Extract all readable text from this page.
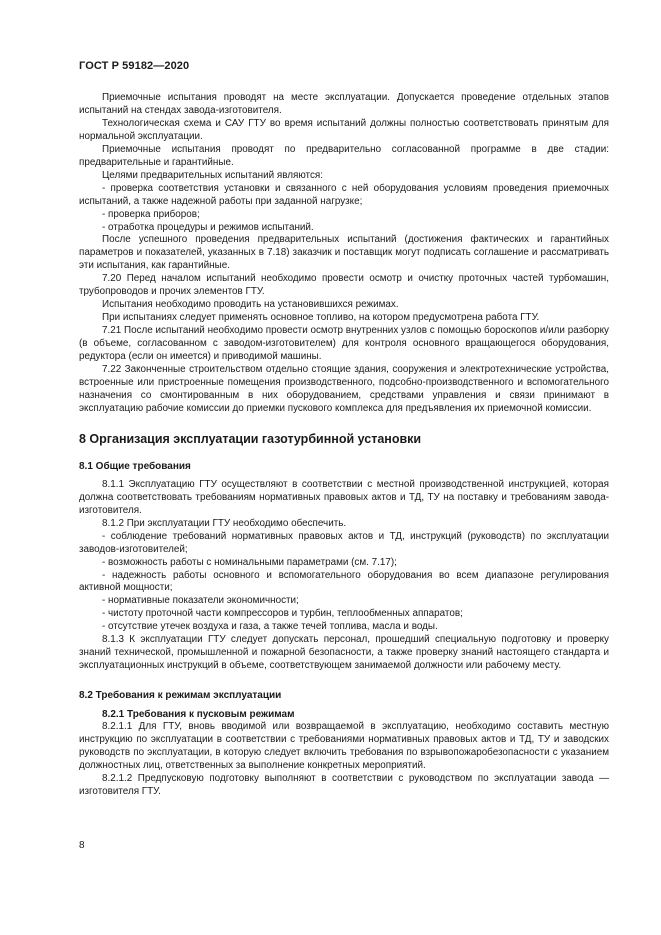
ГОСТ Р 59182—2020

Приемочные испытания проводят на месте эксплуатации. Допускается проведение отдельных этапов испытаний на стендах завода-изготовителя.

Технологическая схема и САУ ГТУ во время испытаний должны полностью соответствовать принятым для нормальной эксплуатации.

Приемочные испытания проводят по предварительно согласованной программе в две стадии: предварительные и гарантийные.

Целями предварительных испытаний являются:

- проверка соответствия установки и связанного с ней оборудования условиям проведения приемочных испытаний, а также надежной работы при заданной нагрузке;

- проверка приборов;

- отработка процедуры и режимов испытаний.

После успешного проведения предварительных испытаний (достижения фактических и гарантийных параметров и показателей, указанных в 7.18) заказчик и поставщик могут подписать соглашение и рассматривать эти испытания, как гарантийные.

7.20 Перед началом испытаний необходимо провести осмотр и очистку проточных частей турбомашин, трубопроводов и прочих элементов ГТУ.

Испытания необходимо проводить на установившихся режимах.

При испытаниях следует применять основное топливо, на котором предусмотрена работа ГТУ.

7.21 После испытаний необходимо провести осмотр внутренних узлов с помощью бороскопов и/или разборку (в объеме, согласованном с заводом-изготовителем) для контроля основного вращающегося оборудования, редуктора (если он имеется) и приводимой машины.

7.22 Законченные строительством отдельно стоящие здания, сооружения и электротехнические устройства, встроенные или пристроенные помещения производственного, подсобно-производственного и вспомогательного назначения со смонтированным в них оборудованием, средствами управления и связи принимают в эксплуатацию рабочие комиссии до приемки пускового комплекса для предъявления их приемочной комиссии.

8 Организация эксплуатации газотурбинной установки
8.1 Общие требования

8.1.1 Эксплуатацию ГТУ осуществляют в соответствии с местной производственной инструкцией, которая должна соответствовать требованиям нормативных правовых актов и ТД, ТУ на поставку и требованиям завода-изготовителя.

8.1.2 При эксплуатации ГТУ необходимо обеспечить.

- соблюдение требований нормативных правовых актов и ТД, инструкций (руководств) по эксплуатации заводов-изготовителей;

- возможность работы с номинальными параметрами (см. 7.17);

- надежность работы основного и вспомогательного оборудования во всем диапазоне регулирования активной мощности;

- нормативные показатели экономичности;

- чистоту проточной части компрессоров и турбин, теплообменных аппаратов;

- отсутствие утечек воздуха и газа, а также течей топлива, масла и воды.

8.1.3 К эксплуатации ГТУ следует допускать персонал, прошедший специальную подготовку и проверку знаний технической, промышленной и пожарной безопасности, а также проверку знаний настоящего стандарта и эксплуатационных инструкций в объеме, соответствующем занимаемой должности или рабочему месту.

8.2 Требования к режимам эксплуатации
8.2.1 Требования к пусковым режимам

8.2.1.1 Для ГТУ, вновь вводимой или возвращаемой в эксплуатацию, необходимо составить местную инструкцию по эксплуатации в соответствии с требованиями нормативных правовых актов и ТД, ТУ и заводских руководств по эксплуатации, в которую следует включить требования по взрывопожаробезопасности с указанием должностных лиц, ответственных за выполнение конкретных мероприятий.

8.2.1.2 Предпусковую подготовку выполняют в соответствии с руководством по эксплуатации завода — изготовителя ГТУ.

8
